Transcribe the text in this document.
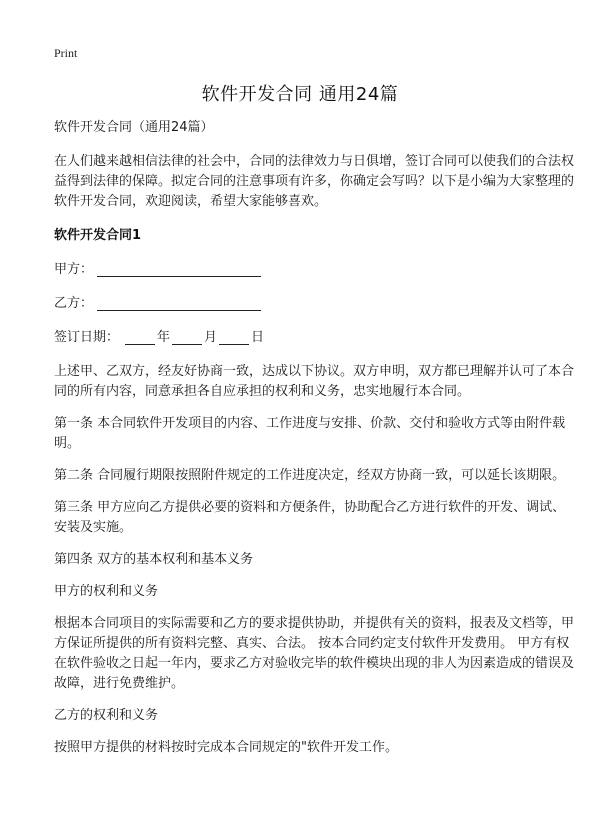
Print
软件开发合同 通用24篇

软件开发合同（通用24篇）

在人们越来越相信法律的社会中，合同的法律效力与日俱增，签订合同可以使我们的合法权益得到法律的保障。拟定合同的注意事项有许多，你确定会写吗？以下是小编为大家整理的软件开发合同，欢迎阅读，希望大家能够喜欢。

软件开发合同1

甲方：
乙方：
签订日期：	年	月	日

上述甲、乙双方，经友好协商一致，达成以下协议。双方申明，双方都已理解并认可了本合同的所有内容，同意承担各自应承担的权利和义务，忠实地履行本合同。

第一条 本合同软件开发项目的内容、工作进度与安排、价款、交付和验收方式等由附件载明。

第二条 合同履行期限按照附件规定的工作进度决定，经双方协商一致，可以延长该期限。

第三条 甲方应向乙方提供必要的资料和方便条件，协助配合乙方进行软件的开发、调试、安装及实施。

第四条 双方的基本权利和基本义务

甲方的权利和义务

根据本合同项目的实际需要和乙方的要求提供协助，并提供有关的资料，报表及文档等，甲方保证所提供的所有资料完整、真实、合法。 按本合同约定支付软件开发费用。 甲方有权在软件验收之日起一年内，要求乙方对验收完毕的软件模块出现的非人为因素造成的错误及故障，进行免费维护。

乙方的权利和义务

按照甲方提供的材料按时完成本合同规定的"软件开发工作。
